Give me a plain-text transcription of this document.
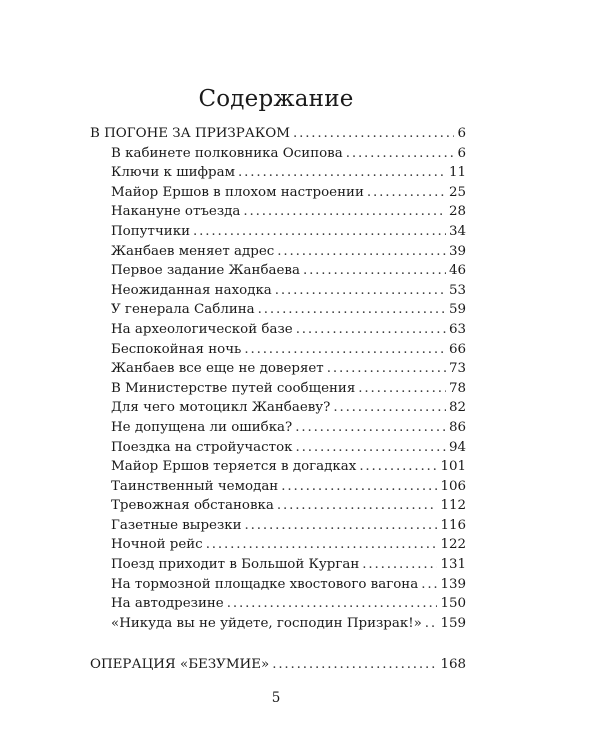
Содержание
В ПОГОНЕ ЗА ПРИЗРАКОМ . . .	6
В кабинете полковника Осипова . . .	6
Ключи к шифрам . . .	11
Майор Ершов в плохом настроении . . .	25
Накануне отъезда . . .	28
Попутчики . . .	34
Жанбаев меняет адрес . . .	39
Первое задание Жанбаева . . .	46
Неожиданная находка . . .	53
У генерала Саблина . . .	59
На археологической базе . . .	63
Беспокойная ночь . . .	66
Жанбаев все еще не доверяет . . .	73
В Министерстве путей сообщения . . .	78
Для чего мотоцикл Жанбаеву? . . .	82
Не допущена ли ошибка? . . .	86
Поездка на стройучасток . . .	94
Майор Ершов теряется в догадках . . .	101
Таинственный чемодан . . .	106
Тревожная обстановка . . .	112
Газетные вырезки . . .	116
Ночной рейс . . .	122
Поезд приходит в Большой Курган . . .	131
На тормозной площадке хвостового вагона . . . 139
На автодрезине . . .	150
«Никуда вы не уйдете, господин Призрак!» . . . 159
ОПЕРАЦИЯ «БЕЗУМИЕ» . . .	168
5
